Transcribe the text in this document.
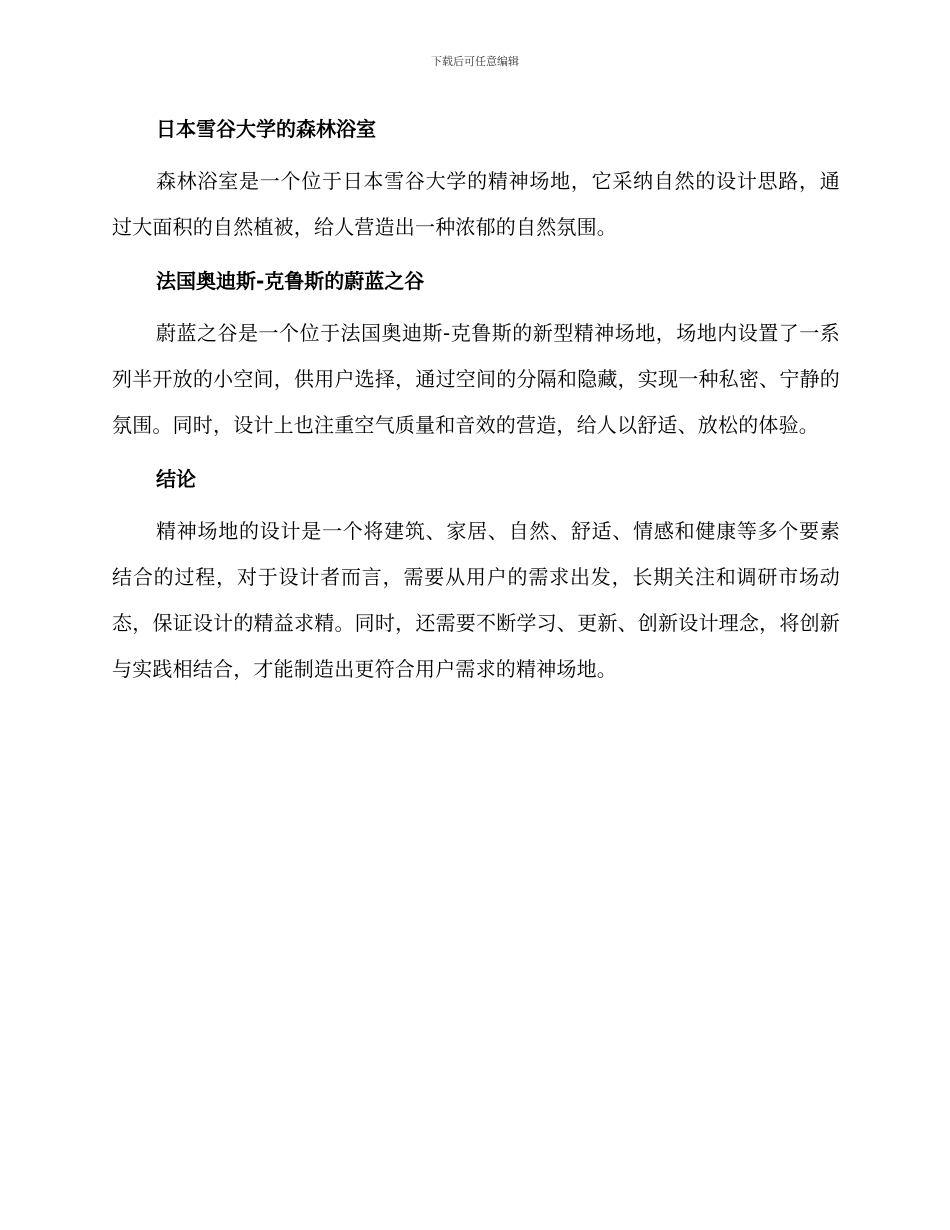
下载后可任意编辑
日本雪谷大学的森林浴室

森林浴室是一个位于日本雪谷大学的精神场地，它采纳自然的设计思路，通过大面积的自然植被，给人营造出一种浓郁的自然氛围。

法国奥迪斯-克鲁斯的蔚蓝之谷

蔚蓝之谷是一个位于法国奥迪斯-克鲁斯的新型精神场地，场地内设置了一系列半开放的小空间，供用户选择，通过空间的分隔和隐藏，实现一种私密、宁静的氛围。同时，设计上也注重空气质量和音效的营造，给人以舒适、放松的体验。

结论

精神场地的设计是一个将建筑、家居、自然、舒适、情感和健康等多个要素结合的过程，对于设计者而言，需要从用户的需求出发，长期关注和调研市场动态，保证设计的精益求精。同时，还需要不断学习、更新、创新设计理念，将创新与实践相结合，才能制造出更符合用户需求的精神场地。
